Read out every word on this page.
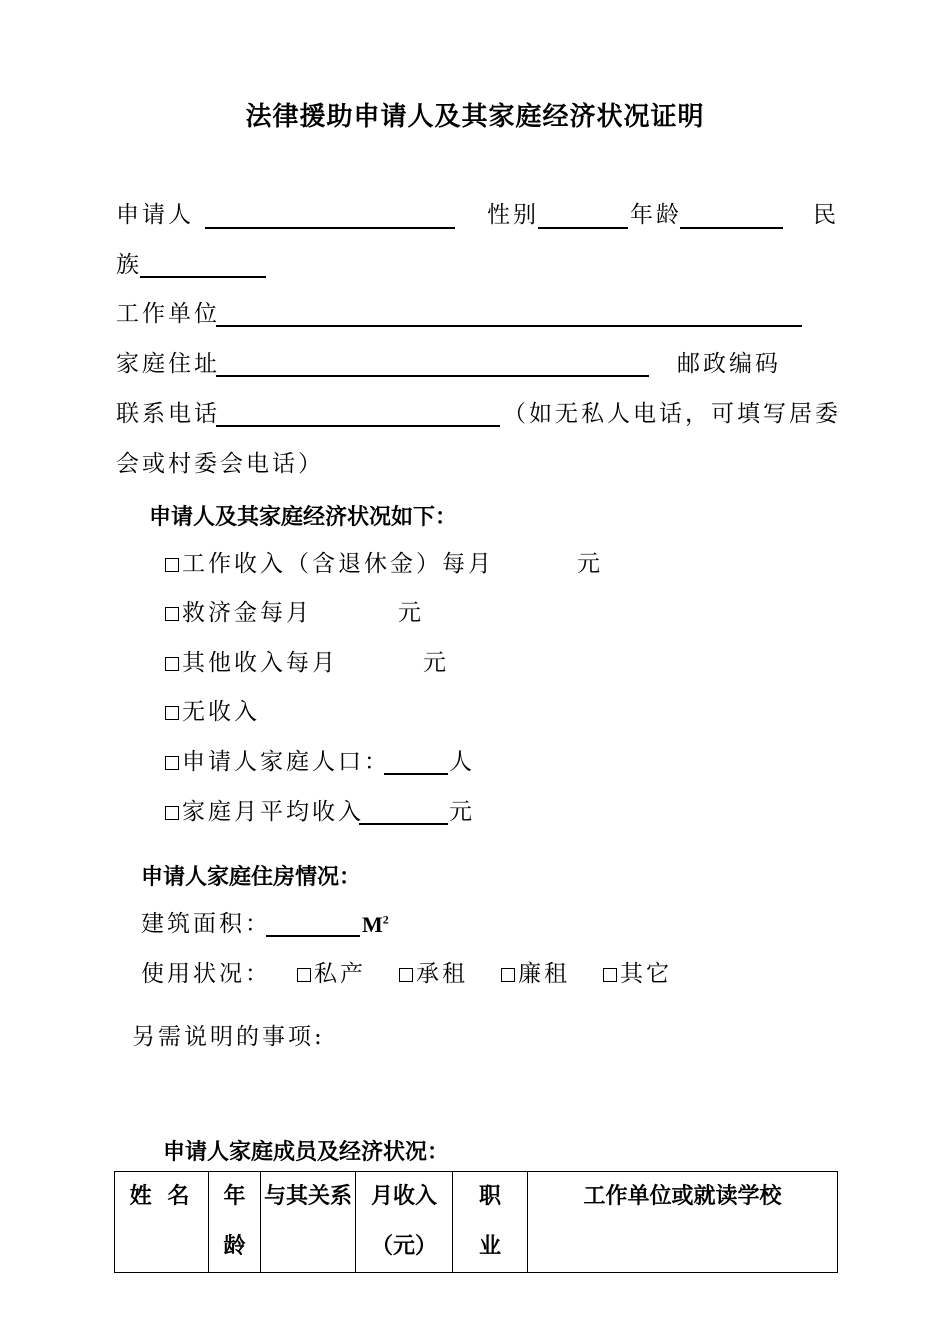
法律援助申请人及其家庭经济状况证明
申请人	性别	年龄	民
族
工作单位
家庭住址	邮政编码
联系电话	（如无私人电话，可填写居委
会或村委会电话）
申请人及其家庭经济状况如下：
工作收入（含退休金）每月	元
救济金每月	元
其他收入每月	元
无收入
申请人家庭人口：	人
家庭月平均收入	元
申请人家庭住房情况：
建筑面积：	$M^2$
使用状况：	私产	承租	廉租	其它
另需说明的事项:
申请人家庭成员及经济状况：
姓 名	年龄	与其关系	月收入（元）	职业	工作单位或就读学校
